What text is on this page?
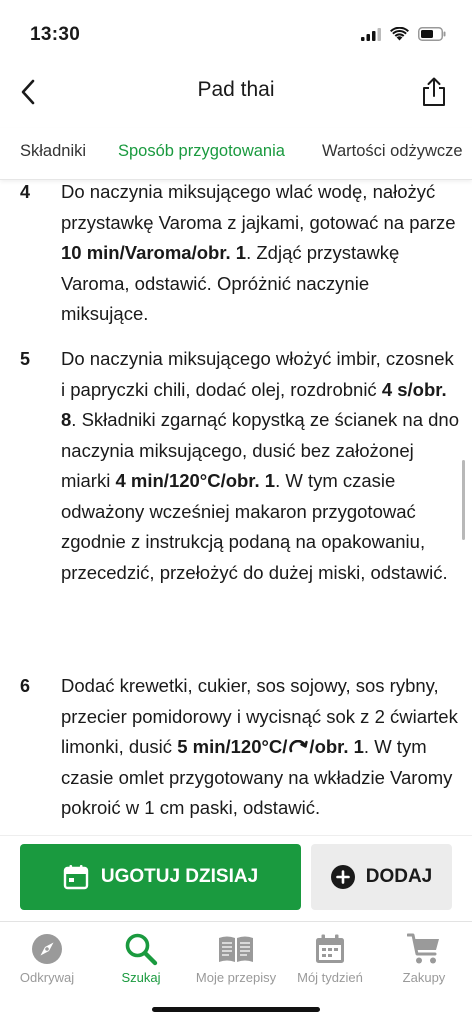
13:30
Pad thai
Składniki Sposób przygotowania Wartości odżywcze
4 Do naczynia miksującego wlać wodę, nałożyć przystawkę Varoma z jajkami, gotować na parze 10 min/Varoma/obr. 1. Zdjąć przystawkę Varoma, odstawić. Opróżnić naczynie miksujące.
5 Do naczynia miksującego włożyć imbir, czosnek i papryczki chili, dodać olej, rozdrobnić 4 s/obr. 8. Składniki zgarnąć kopystką ze ścianek na dno naczynia miksującego, dusić bez założonej miarki 4 min/120°C/obr. 1. W tym czasie odważony wcześniej makaron przygotować zgodnie z instrukcją podaną na opakowaniu, przecedzić, przełożyć do dużej miski, odstawić.
6 Dodać krewetki, cukier, sos sojowy, sos rybny, przecier pomidorowy i wycisnąć sok z 2 ćwiartek limonki, dusić 5 min/120°C/ /obr. 1. W tym czasie omlet przygotowany na wkładzie Varomy pokroić w 1 cm paski, odstawić.
UGOTUJ DZISIAJ	DODAJ
Odkrywaj	Szukaj	Moje przepisy	Mój tydzień	Zakupy
